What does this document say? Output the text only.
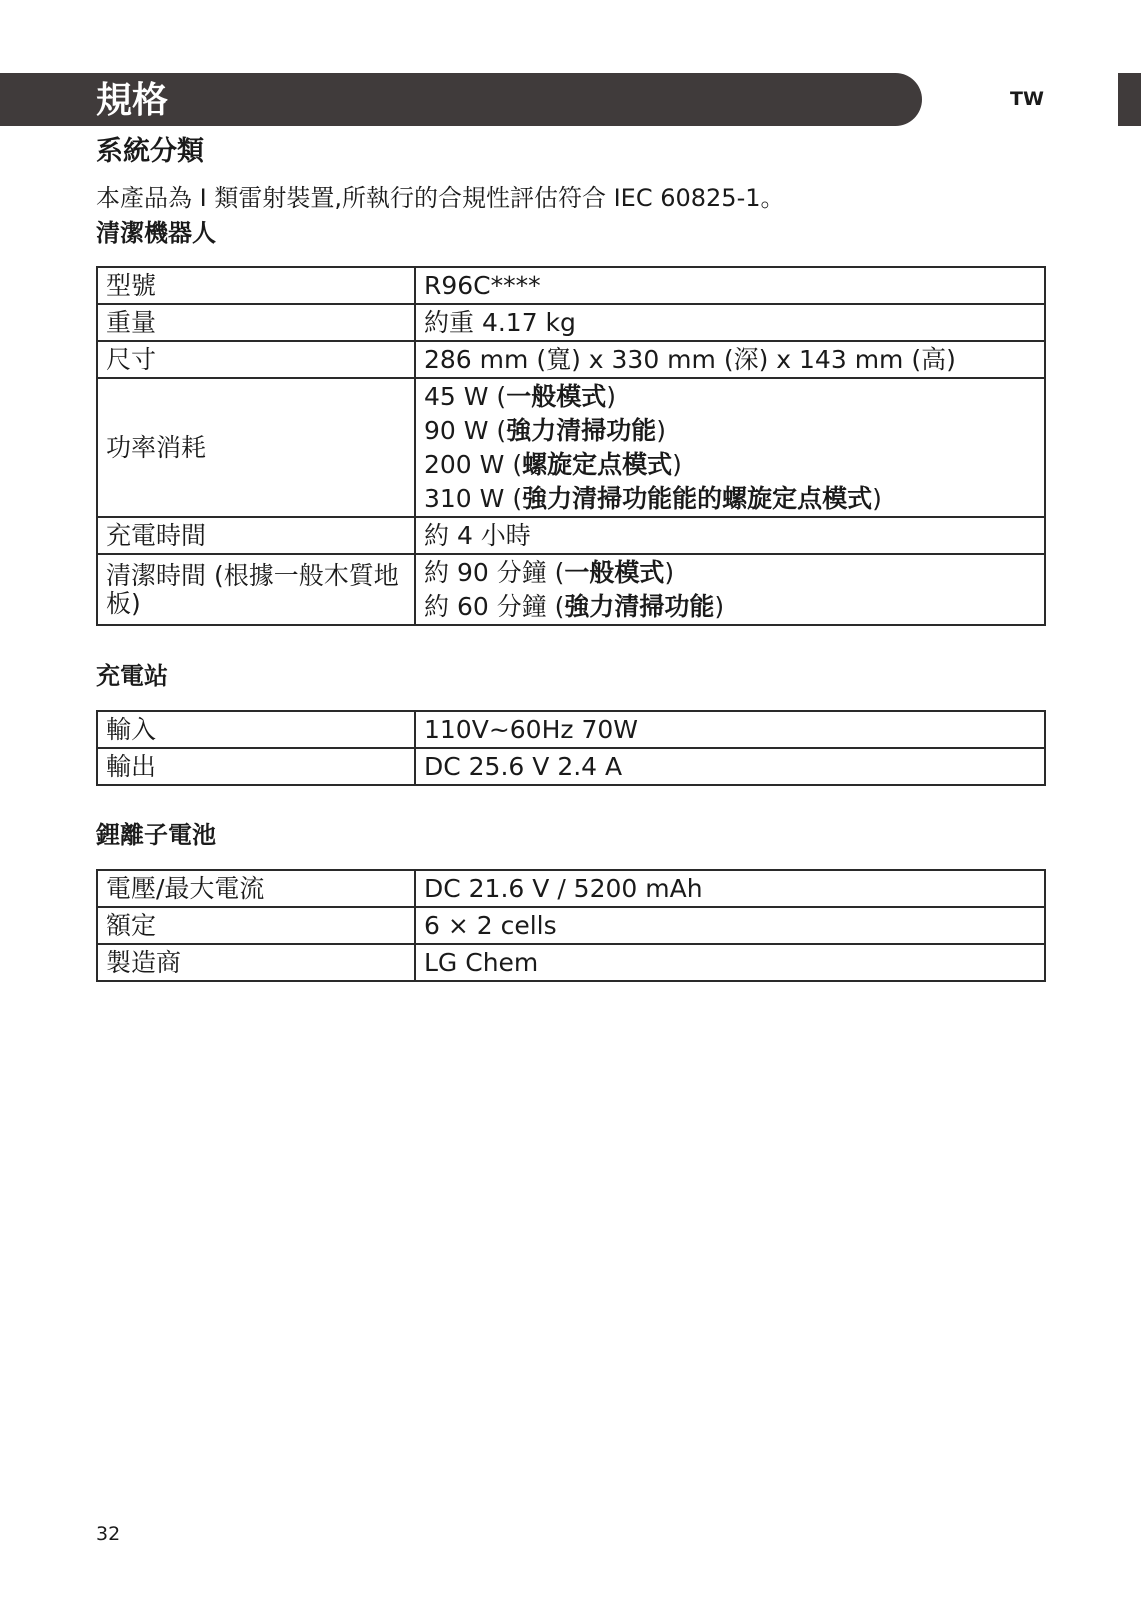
規格	TW
系統分類
本產品為 I 類雷射裝置,所執行的合規性評估符合 IEC 60825-1。
清潔機器人
型號	R96C****
重量	約重 4.17 kg
尺寸	286 mm (寬) x 330 mm (深) x 143 mm (高)
功率消耗	45 W (一般模式)
90 W (強力清掃功能)
200 W (螺旋定点模式)
310 W (強力清掃功能能的螺旋定点模式)

充電時間	約 4 小時
清潔時間 (根據一般木質地板)	約 90 分鐘 (一般模式)
約 60 分鐘 (強力清掃功能)
充電站
輸入	110V~60Hz 70W
輸出	DC 25.6 V 2.4 A
鋰離子電池
電壓/最大電流	DC 21.6 V / 5200 mAh
額定	6 × 2 cells
製造商	LG Chem
32
